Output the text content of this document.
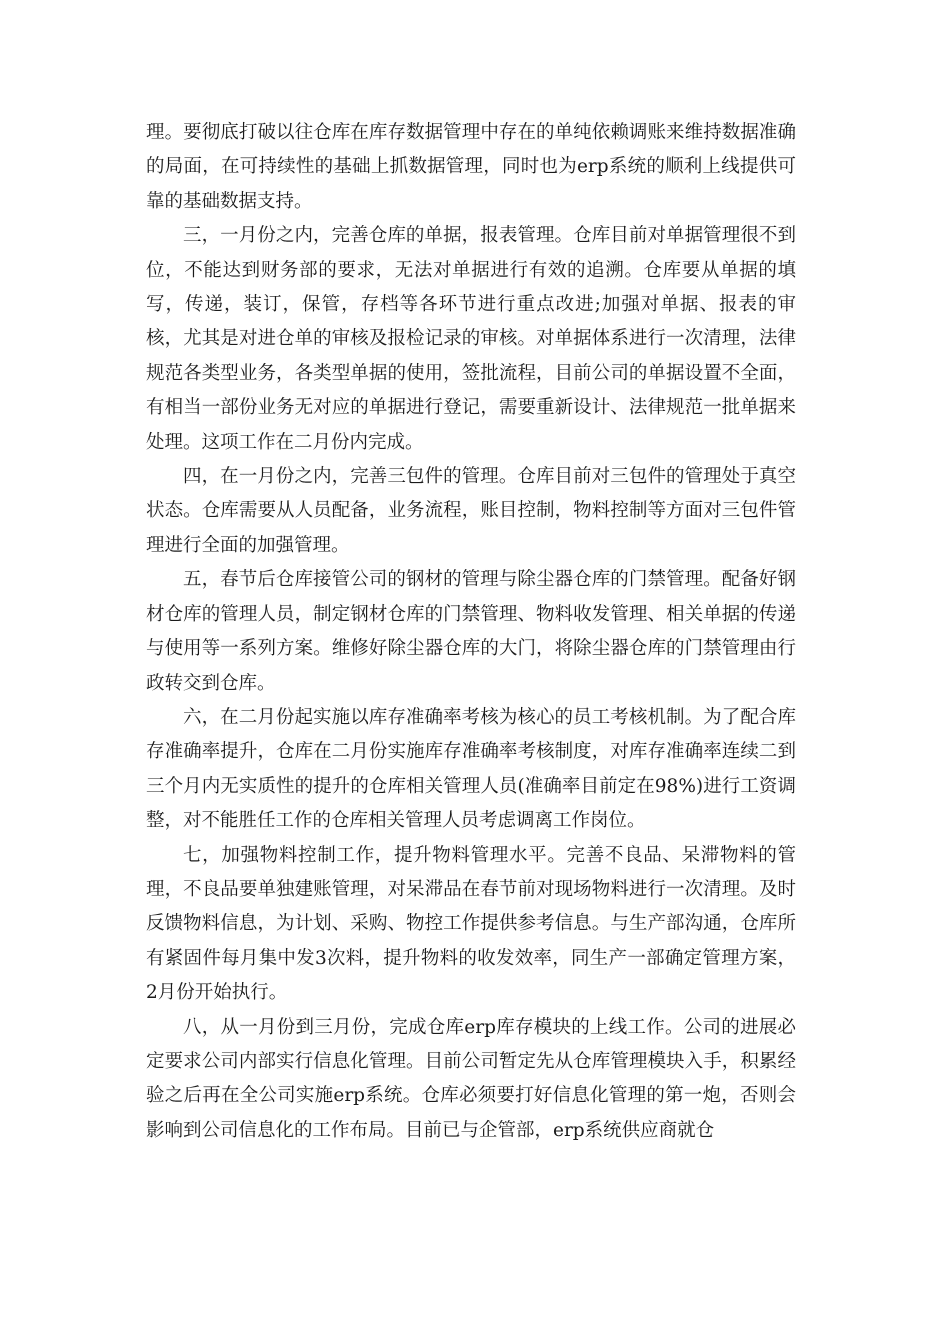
理。要彻底打破以往仓库在库存数据管理中存在的单纯依赖调账来维持数据准确的局面，在可持续性的基础上抓数据管理，同时也为erp系统的顺利上线提供可靠的基础数据支持。

三，一月份之内，完善仓库的单据，报表管理。仓库目前对单据管理很不到位，不能达到财务部的要求，无法对单据进行有效的追溯。仓库要从单据的填写，传递，装订，保管，存档等各环节进行重点改进;加强对单据、报表的审核，尤其是对进仓单的审核及报检记录的审核。对单据体系进行一次清理，法律规范各类型业务，各类型单据的使用，签批流程，目前公司的单据设置不全面，有相当一部份业务无对应的单据进行登记，需要重新设计、法律规范一批单据来处理。这项工作在二月份内完成。

四，在一月份之内，完善三包件的管理。仓库目前对三包件的管理处于真空状态。仓库需要从人员配备，业务流程，账目控制，物料控制等方面对三包件管理进行全面的加强管理。

五，春节后仓库接管公司的钢材的管理与除尘器仓库的门禁管理。配备好钢材仓库的管理人员，制定钢材仓库的门禁管理、物料收发管理、相关单据的传递与使用等一系列方案。维修好除尘器仓库的大门，将除尘器仓库的门禁管理由行政转交到仓库。

六，在二月份起实施以库存准确率考核为核心的员工考核机制。为了配合库存准确率提升，仓库在二月份实施库存准确率考核制度，对库存准确率连续二到三个月内无实质性的提升的仓库相关管理人员(准确率目前定在98%)进行工资调整，对不能胜任工作的仓库相关管理人员考虑调离工作岗位。

七，加强物料控制工作，提升物料管理水平。完善不良品、呆滞物料的管理，不良品要单独建账管理，对呆滞品在春节前对现场物料进行一次清理。及时反馈物料信息，为计划、采购、物控工作提供参考信息。与生产部沟通，仓库所有紧固件每月集中发3次料，提升物料的收发效率，同生产一部确定管理方案，2月份开始执行。

八，从一月份到三月份，完成仓库erp库存模块的上线工作。公司的进展必定要求公司内部实行信息化管理。目前公司暂定先从仓库管理模块入手，积累经验之后再在全公司实施erp系统。仓库必须要打好信息化管理的第一炮，否则会影响到公司信息化的工作布局。目前已与企管部，erp系统供应商就仓
